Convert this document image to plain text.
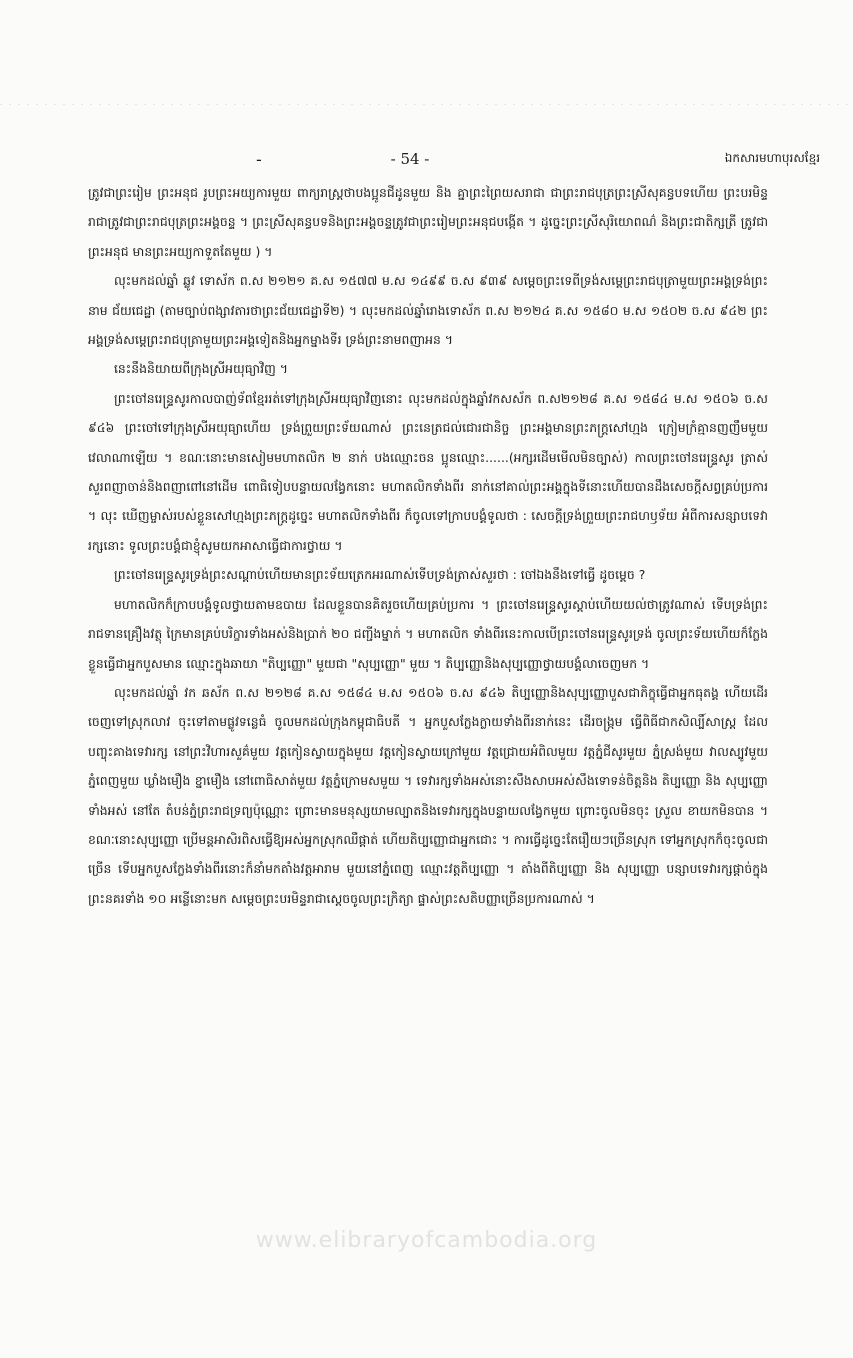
-	- 54 -	ឯកសារមហាបុរសខ្មែរ

ត្រូវជាព្រះរៀម ព្រះអនុជ រូបព្រះអយ្យការមួយ ពាក្យរាស្ត្រថាបងប្អូនជីដូនមួយ និង គ្នាព្រះព្រៃយសរាជា ជាព្រះរាជបុត្រព្រះស្រីសុគន្ធបទហើយ ព្រះបរមិន្ទរាជាត្រូវជាព្រះរាជបុត្រព្រះអង្គចន្ទ ។ ព្រះស្រីសុគន្ធបទនិងព្រះអង្គចន្ទត្រូវជាព្រះរៀមព្រះអនុជបង្កើត ។ ដូច្នេះព្រះស្រីសុរិយោពណ៌ និងព្រះជាតិក្សត្រី ត្រូវជាព្រះអនុជ មានព្រះអយ្យកាទួតតែមួយ ) ។

លុះមកដល់ឆ្នាំ ឆ្លូវ ទោស័ក ព.ស ២១២១ គ.ស ១៥៧៧ ម.ស ១៤៩៩ ច.ស ៩៣៩ សម្ដេចព្រះទេពីទ្រង់សម្ដេព្រះរាជបុត្រាមួយព្រះអង្គទ្រង់ព្រះនាម ជ័យជេដ្ឋា (តាមច្បាប់ពង្សាវតារថាព្រះជ័យជេដ្ឋាទី២) ។ លុះមកដល់ឆ្នាំរោងទោស័ក ព.ស ២១២៤ គ.ស ១៥៨០ ម.ស ១៥០២ ច.ស ៩៤២ ព្រះអង្គទ្រង់សម្ដេព្រះរាជបុត្រាមួយព្រះអង្គទៀតនិងអ្នកម្នាងទីរ ទ្រង់ព្រះនាមពញាអន ។

នេះនឹងនិយាយពីក្រុងស្រីអយុធ្យាវិញ ។

ព្រះចៅនរេន្ទ្រសូរកាលបាញ់ទ័ពខ្មែររត់ទៅក្រុងស្រីអយុធ្យាវិញនោះ លុះមកដល់ក្នុងឆ្នាំវកសស័ក ព.ស២១២៨ គ.ស ១៥៨៤ ម.ស ១៥០៦ ច.ស ៩៤៦ ព្រះចៅទៅក្រុងស្រីអយុធ្យាហើយ ទ្រង់ព្រួយព្រះទ័យណាស់ ព្រះនេត្រជល់ជោរជានិច្ច ព្រះអង្គមានព្រះភក្ត្រសៅហ្មង ក្រៀមក្រំគ្មានញញឹមមួយវេលាណាឡើយ ។ ខណៈនោះមានសៀមមហាតលិក ២ នាក់ បងឈ្មោះចន ប្អូនឈ្មោះ......(អក្សរដើមមើលមិនច្បាស់) កាលព្រះចៅនរេន្ទ្រសូរ ត្រាស់សួរពញាចាន់និងពញាពៅនៅដើម ពោធិទៀបបន្ទាយលង្វែកនោះ មហាតលិកទាំងពីរ នាក់នៅគាល់ព្រះអង្គក្នុងទីនោះហើយបានដឹងសេចក្ដីសព្វគ្រប់ប្រការ ។ លុះ ឃើញម្ចាស់របស់ខ្លួនសៅហ្មងព្រះភក្ត្រដូច្នេះ មហាតលិកទាំងពីរ ក៏ចូលទៅក្រាបបង្គំទូលថា : សេចក្ដីទ្រង់ព្រួយព្រះរាជហឫទ័យ អំពីការសន្សាបទេវារក្សនោះ ទូលព្រះបង្គំជាខ្ញុំសូមយកអាសាធ្វើជាការថ្វាយ ។

ព្រះចៅនរេន្ទ្រសូរទ្រង់ព្រះសណ្ដាប់ហើយមានព្រះទ័យត្រេកអរណាស់ទើបទ្រង់ត្រាស់សួរថា : ចៅឯងនឹងទៅធ្វើ ដូចម្ដេច ?

មហាតលិកក៏ក្រាបបង្គំទូលថ្វាយតាមឧបាយ ដែលខ្លួនបានគិតរួចហើយគ្រប់ប្រការ ។ ព្រះចៅនរេន្ទ្រសូរស្ដាប់ហើយយល់ថាត្រូវណាស់ ទើបទ្រង់ព្រះរាជទានគ្រឿងវត្ថុ ក្រៃមានគ្រប់បរិក្ខារទាំងអស់និងប្រាក់ ២០ ជញ្ជីងម្នាក់ ។ មហាតលិក ទាំងពីរនេះកាលបើព្រះចៅនរេន្ទ្រសូរទ្រង់ ចូលព្រះទ័យហើយក៏ក្លែងខ្លួនធ្វើជាអ្នកបួសមាន ឈ្មោះក្នុងឆាយា "តិប្បញ្ញោ" មួយជា "សុប្បញ្ញោ" មួយ ។ តិប្បញ្ញោនិងសុប្បញ្ញោថ្វាយបង្គំលាចេញមក ។

លុះមកដល់ឆ្នាំ វក ឆស័ក ព.ស ២១២៨ គ.ស ១៥៨៤ ម.ស ១៥០៦ ច.ស ៩៤៦ តិប្បញ្ញោនិងសុប្បញ្ញោបួសជាភិក្ខុធ្វើជាអ្នកធុតង្គ ហើយដើរចេញទៅស្រុកលាវ ចុះទៅតាមផ្លូវទន្លេធំ ចូលមកដល់ក្រុងកម្ពុជាធិបតី ។ អ្នកបួសក្លែងក្លាយទាំងពីរនាក់នេះ ដើរចង្ក្រម ធ្វើពិធីជាកសិល្បិ៍សាស្ត្រ ដែលបញ្ចុះគាងទេវារក្ស នៅព្រះវិហារសួគ៌មួយ វត្តកៀនស្វាយក្នុងមួយ វត្តកៀនស្វាយក្រៅមួយ វត្តជ្រោយអំពិលមួយ វត្តភ្នំជីសូរមួយ ភ្នំស្រង់មួយ វាលស្បូវមួយ ភ្នំពេញមួយ ឃ្លាំងមឿង ខ្នាមឿង នៅពោធិសាត់មួយ វត្តភ្នំក្រោមសមួយ ។ ទេវារក្សទាំងអស់នោះសឹងសាបអស់សឹងទោទន់ចិត្តនិង តិប្បញ្ញោ និង សុប្បញ្ញោទាំងអស់ នៅតែ តំបន់ភ្នំព្រះរាជទ្រព្យប៉ុណ្ណោះ ព្រោះមានមនុស្សយាមល្បាតនិងទេវារក្សក្នុងបន្ទាយលង្វែកមួយ ព្រោះចូលមិនចុះ ស្រួល ខាយកមិនបាន ។ ខណៈនោះសុប្បញ្ញោ ប្រើមន្តអាសិរពិសធ្វើឱ្យអស់អ្នកស្រុកឈឺផ្ដាត់ ហើយតិប្បញ្ញោជាអ្នកជោះ ។ ការធ្វើដូច្នេះតែរឿយៗច្រើនស្រុក ទៅអ្នកស្រុកក៏ចុះចូលជាច្រើន ទើបអ្នកបួសក្លែងទាំងពីរនោះក៏នាំមកតាំងវត្តអារាម មួយនៅភ្នំពេញ ឈ្មោះវត្តតិប្បញ្ញោ ។ តាំងពីតិប្បញ្ញោ និង សុប្បញ្ញោ បន្សាបទេវារក្សផ្ដាច់ក្នុងព្រះនគរទាំង ១០ អន្លើនោះមក សម្ដេចព្រះបរមិន្ទរាជាស្ដេចចូលព្រះក្រិត្យា ផ្ទាស់ព្រះសតិបញ្ញាច្រើនប្រការណាស់ ។

www.elibraryofcambodia.org
